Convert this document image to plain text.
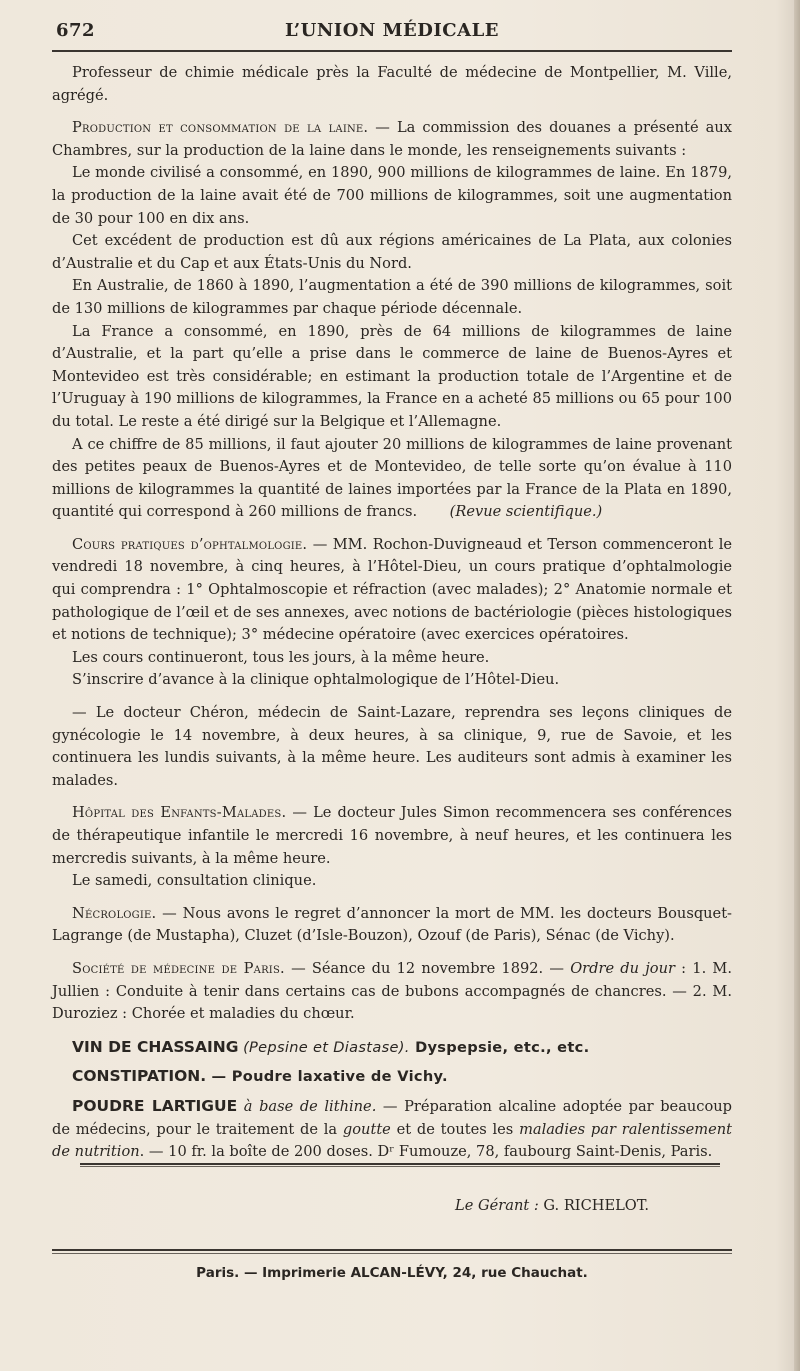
672	L’UNION MÉDICALE

Professeur de chimie médicale près la Faculté de médecine de Montpellier, M. Ville, agrégé.

Production et consommation de la laine. — La commission des douanes a présenté aux Chambres, sur la production de la laine dans le monde, les renseignements suivants :

Le monde civilisé a consommé, en 1890, 900 millions de kilogrammes de laine. En 1879, la production de la laine avait été de 700 millions de kilogrammes, soit une augmentation de 30 pour 100 en dix ans.

Cet excédent de production est dû aux régions américaines de La Plata, aux colonies d’Australie et du Cap et aux États-Unis du Nord.

En Australie, de 1860 à 1890, l’augmentation a été de 390 millions de kilogrammes, soit de 130 millions de kilogrammes par chaque période décennale.

La France a consommé, en 1890, près de 64 millions de kilogrammes de laine d’Australie, et la part qu’elle a prise dans le commerce de laine de Buenos-Ayres et Montevideo est très considérable; en estimant la production totale de l’Argentine et de l’Uruguay à 190 millions de kilogrammes, la France en a acheté 85 millions ou 65 pour 100 du total. Le reste a été dirigé sur la Belgique et l’Allemagne.

A ce chiffre de 85 millions, il faut ajouter 20 millions de kilogrammes de laine provenant des petites peaux de Buenos-Ayres et de Montevideo, de telle sorte qu’on évalue à 110 millions de kilogrammes la quantité de laines importées par la France de la Plata en 1890, quantité qui correspond à 260 millions de francs. (Revue scientifique.)

Cours pratiques d’ophtalmologie. — MM. Rochon-Duvigneaud et Terson commenceront le vendredi 18 novembre, à cinq heures, à l’Hôtel-Dieu, un cours pratique d’ophtalmologie qui comprendra : 1° Ophtalmoscopie et réfraction (avec malades); 2° Anatomie normale et pathologique de l’œil et de ses annexes, avec notions de bactériologie (pièces histologiques et notions de technique); 3° médecine opératoire (avec exercices opératoires.

Les cours continueront, tous les jours, à la même heure.

S’inscrire d’avance à la clinique ophtalmologique de l’Hôtel-Dieu.

— Le docteur Chéron, médecin de Saint-Lazare, reprendra ses leçons cliniques de gynécologie le 14 novembre, à deux heures, à sa clinique, 9, rue de Savoie, et les continuera les lundis suivants, à la même heure. Les auditeurs sont admis à examiner les malades.

Hôpital des Enfants-Malades. — Le docteur Jules Simon recommencera ses conférences de thérapeutique infantile le mercredi 16 novembre, à neuf heures, et les continuera les mercredis suivants, à la même heure.

Le samedi, consultation clinique.

Nécrologie. — Nous avons le regret d’annoncer la mort de MM. les docteurs Bousquet-Lagrange (de Mustapha), Cluzet (d’Isle-Bouzon), Ozouf (de Paris), Sénac (de Vichy).

Société de médecine de Paris. — Séance du 12 novembre 1892. — Ordre du jour : 1. M. Jullien : Conduite à tenir dans certains cas de bubons accompagnés de chancres. — 2. M. Duroziez : Chorée et maladies du chœur.

VIN DE CHASSAING (Pepsine et Diastase). Dyspepsie, etc., etc.

CONSTIPATION. — Poudre laxative de Vichy.

POUDRE LARTIGUE à base de lithine. — Préparation alcaline adoptée par beaucoup de médecins, pour le traitement de la goutte et de toutes les maladies par ralentissement de nutrition. — 10 fr. la boîte de 200 doses. Dʳ Fumouze, 78, faubourg Saint-Denis, Paris.

Le Gérant : G. RICHELOT.
Paris. — Imprimerie ALCAN-LÉVY, 24, rue Chauchat.
